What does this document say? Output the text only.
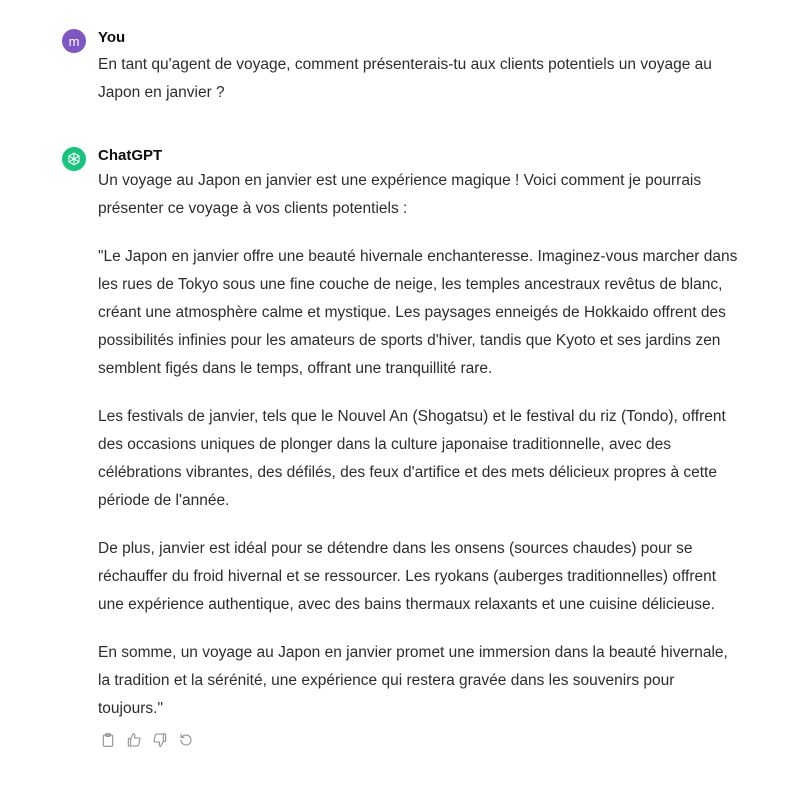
m You
En tant qu'agent de voyage, comment présenterais-tu aux clients potentiels un voyage au Japon en janvier ?
ChatGPT

Un voyage au Japon en janvier est une expérience magique ! Voici comment je pourrais présenter ce voyage à vos clients potentiels :

"Le Japon en janvier offre une beauté hivernale enchanteresse. Imaginez-vous marcher dans les rues de Tokyo sous une fine couche de neige, les temples ancestraux revêtus de blanc, créant une atmosphère calme et mystique. Les paysages enneigés de Hokkaido offrent des possibilités infinies pour les amateurs de sports d'hiver, tandis que Kyoto et ses jardins zen semblent figés dans le temps, offrant une tranquillité rare.

Les festivals de janvier, tels que le Nouvel An (Shogatsu) et le festival du riz (Tondo), offrent des occasions uniques de plonger dans la culture japonaise traditionnelle, avec des célébrations vibrantes, des défilés, des feux d'artifice et des mets délicieux propres à cette période de l'année.

De plus, janvier est idéal pour se détendre dans les onsens (sources chaudes) pour se réchauffer du froid hivernal et se ressourcer. Les ryokans (auberges traditionnelles) offrent une expérience authentique, avec des bains thermaux relaxants et une cuisine délicieuse.

En somme, un voyage au Japon en janvier promet une immersion dans la beauté hivernale, la tradition et la sérénité, une expérience qui restera gravée dans les souvenirs pour toujours."
